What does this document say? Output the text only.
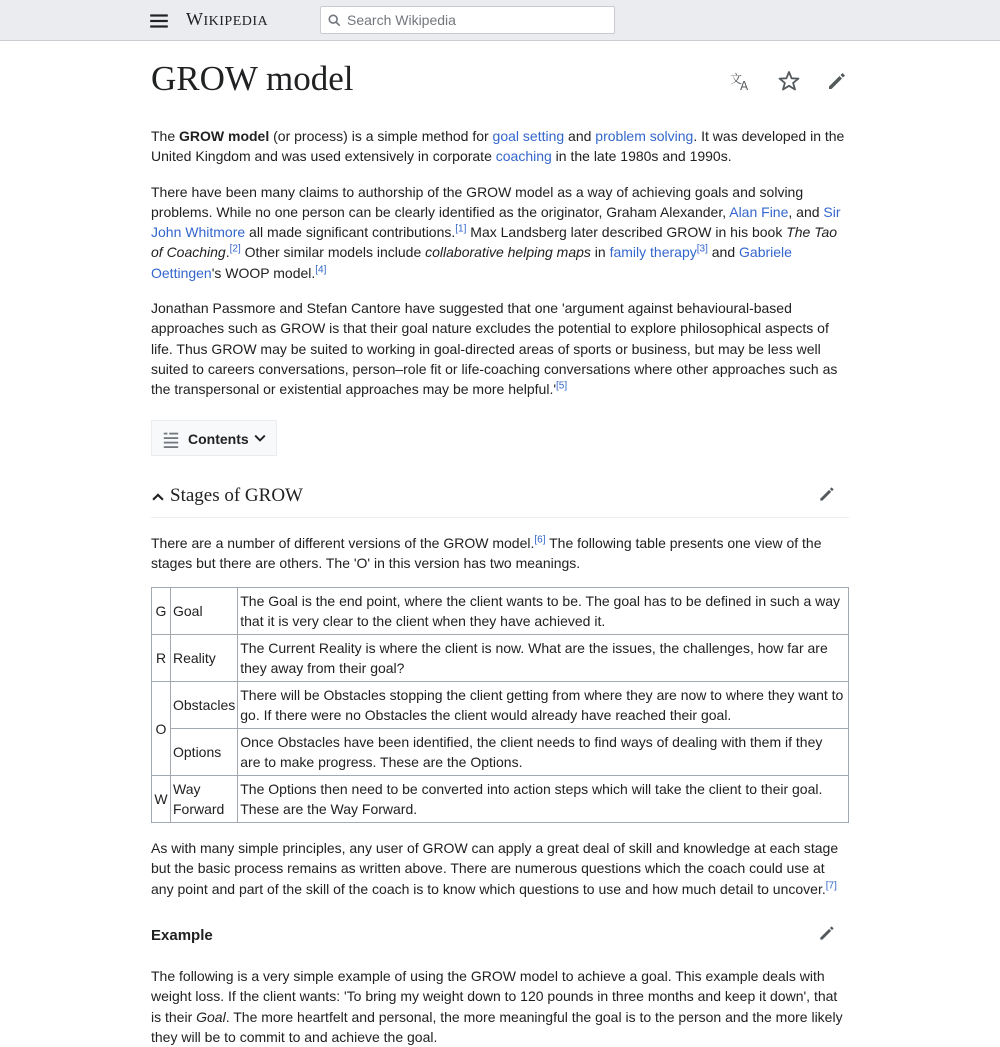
WIKIPEDIA
Search Wikipedia
GROW model	文
A

The GROW model (or process) is a simple method for goal setting and problem solving. It was developed in the United Kingdom and was used extensively in corporate coaching in the late 1980s and 1990s.

There have been many claims to authorship of the GROW model as a way of achieving goals and solving problems. While no one person can be clearly identified as the originator, Graham Alexander, Alan Fine, and Sir John Whitmore all made significant contributions.[1] Max Landsberg later described GROW in his book The Tao of Coaching.[2] Other similar models include collaborative helping maps in family therapy[3] and Gabriele Oettingen's WOOP model.[4]

Jonathan Passmore and Stefan Cantore have suggested that one 'argument against behavioural-based approaches such as GROW is that their goal nature excludes the potential to explore philosophical aspects of life. Thus GROW may be suited to working in goal-directed areas of sports or business, but may be less well suited to careers conversations, person–role fit or life-coaching conversations where other approaches such as the transpersonal or existential approaches may be more helpful.'[5]

Contents
Stages of GROW

There are a number of different versions of the GROW model.[6] The following table presents one view of the stages but there are others. The 'O' in this version has two meanings.

G	Goal	The Goal is the end point, where the client wants to be. The goal has to be defined in such a way that it is very clear to the client when they have achieved it.
R	Reality	The Current Reality is where the client is now. What are the issues, the challenges, how far are they away from their goal?
O	Obstacles	There will be Obstacles stopping the client getting from where they are now to where they want to go. If there were no Obstacles the client would already have reached their goal.
	Options	Once Obstacles have been identified, the client needs to find ways of dealing with them if they are to make progress. These are the Options.
W	Way Forward	The Options then need to be converted into action steps which will take the client to their goal. These are the Way Forward.

As with many simple principles, any user of GROW can apply a great deal of skill and knowledge at each stage but the basic process remains as written above. There are numerous questions which the coach could use at any point and part of the skill of the coach is to know which questions to use and how much detail to uncover.[7]

Example

The following is a very simple example of using the GROW model to achieve a goal. This example deals with weight loss. If the client wants: 'To bring my weight down to 120 pounds in three months and keep it down', that is their Goal. The more heartfelt and personal, the more meaningful the goal is to the person and the more likely they will be to commit to and achieve the goal.
